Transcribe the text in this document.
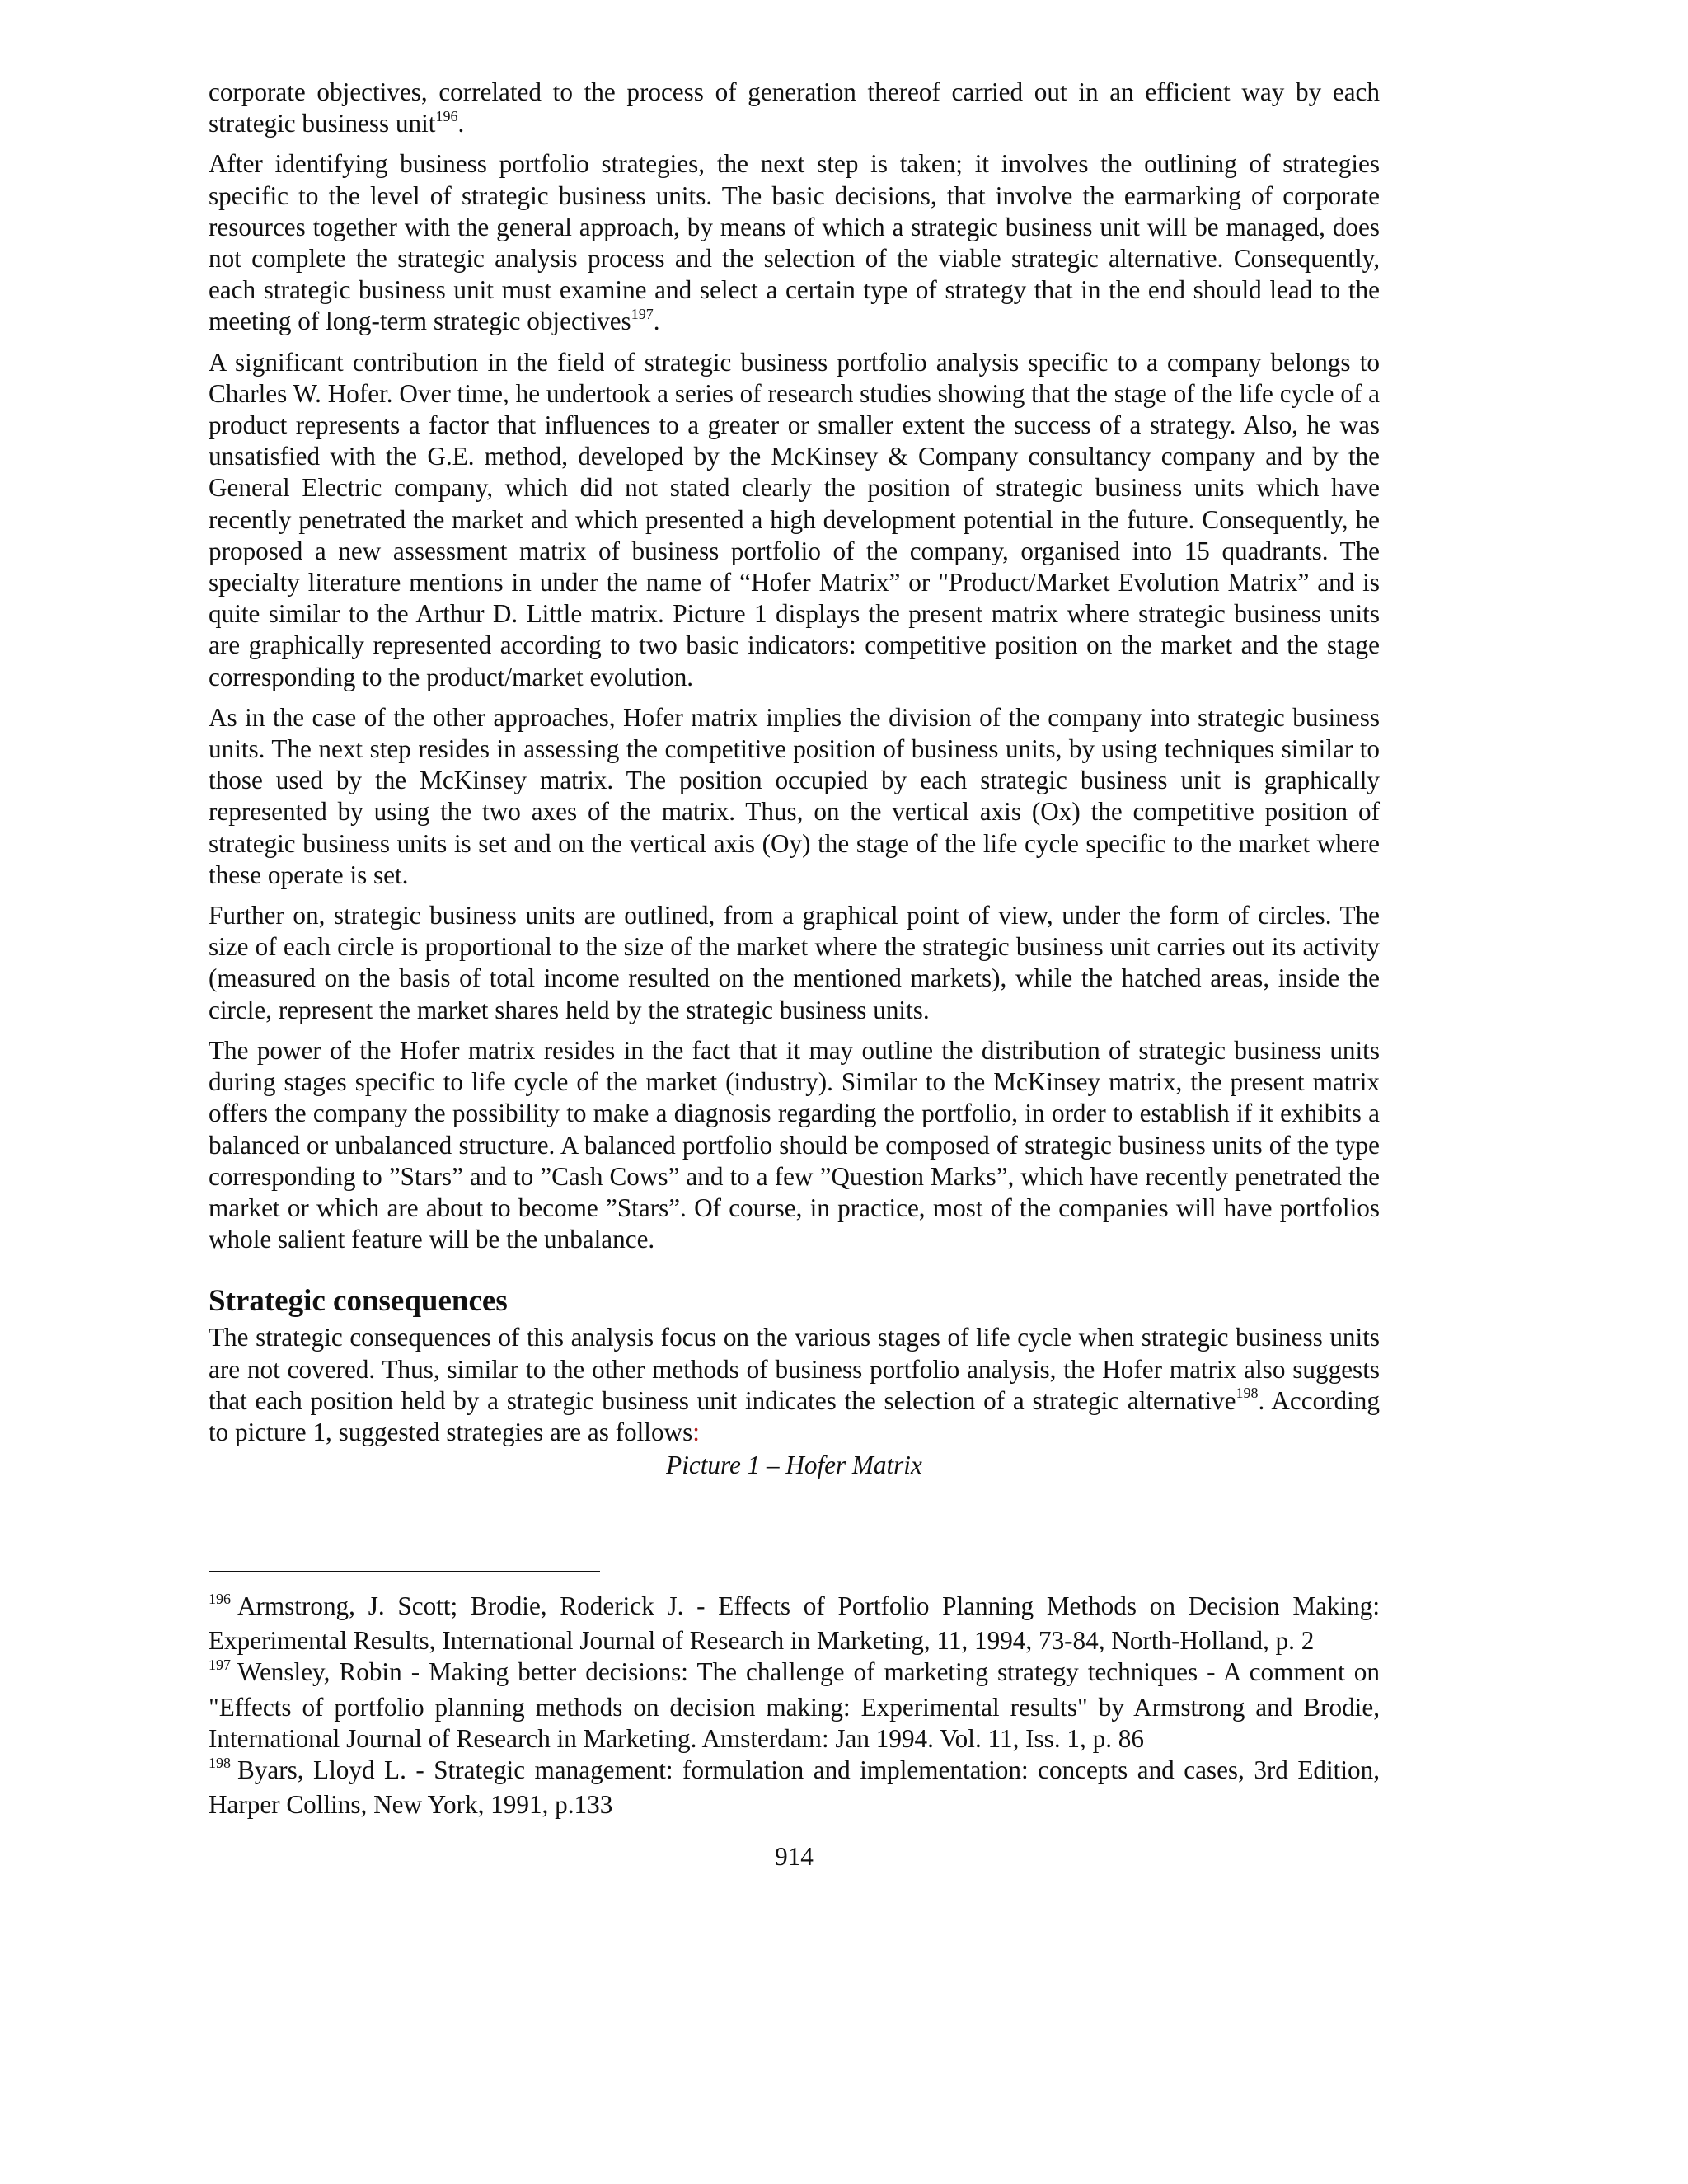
corporate objectives, correlated to the process of generation thereof carried out in an efficient way by each strategic business unit$^{196}$.

After identifying business portfolio strategies, the next step is taken; it involves the outlining of strategies specific to the level of strategic business units. The basic decisions, that involve the earmarking of corporate resources together with the general approach, by means of which a strategic business unit will be managed, does not complete the strategic analysis process and the selection of the viable strategic alternative. Consequently, each strategic business unit must examine and select a certain type of strategy that in the end should lead to the meeting of long-term strategic objectives$^{197}$.

A significant contribution in the field of strategic business portfolio analysis specific to a company belongs to Charles W. Hofer. Over time, he undertook a series of research studies showing that the stage of the life cycle of a product represents a factor that influences to a greater or smaller extent the success of a strategy. Also, he was unsatisfied with the G.E. method, developed by the McKinsey & Company consultancy company and by the General Electric company, which did not stated clearly the position of strategic business units which have recently penetrated the market and which presented a high development potential in the future. Consequently, he proposed a new assessment matrix of business portfolio of the company, organised into 15 quadrants. The specialty literature mentions in under the name of “Hofer Matrix” or "Product/Market Evolution Matrix” and is quite similar to the Arthur D. Little matrix. Picture 1 displays the present matrix where strategic business units are graphically represented according to two basic indicators: competitive position on the market and the stage corresponding to the product/market evolution.

As in the case of the other approaches, Hofer matrix implies the division of the company into strategic business units. The next step resides in assessing the competitive position of business units, by using techniques similar to those used by the McKinsey matrix. The position occupied by each strategic business unit is graphically represented by using the two axes of the matrix. Thus, on the vertical axis (Ox) the competitive position of strategic business units is set and on the vertical axis (Oy) the stage of the life cycle specific to the market where these operate is set.

Further on, strategic business units are outlined, from a graphical point of view, under the form of circles. The size of each circle is proportional to the size of the market where the strategic business unit carries out its activity (measured on the basis of total income resulted on the mentioned markets), while the hatched areas, inside the circle, represent the market shares held by the strategic business units.

The power of the Hofer matrix resides in the fact that it may outline the distribution of strategic business units during stages specific to life cycle of the market (industry). Similar to the McKinsey matrix, the present matrix offers the company the possibility to make a diagnosis regarding the portfolio, in order to establish if it exhibits a balanced or unbalanced structure. A balanced portfolio should be composed of strategic business units of the type corresponding to ”Stars” and to ”Cash Cows” and to a few ”Question Marks”, which have recently penetrated the market or which are about to become ”Stars”. Of course, in practice, most of the companies will have portfolios whole salient feature will be the unbalance.

Strategic consequences

The strategic consequences of this analysis focus on the various stages of life cycle when strategic business units are not covered. Thus, similar to the other methods of business portfolio analysis, the Hofer matrix also suggests that each position held by a strategic business unit indicates the selection of a strategic alternative$^{198}$. According to picture 1, suggested strategies are as follows:

Picture 1 – Hofer Matrix

$^{196}$ Armstrong, J. Scott; Brodie, Roderick J. - Effects of Portfolio Planning Methods on Decision Making: Experimental Results, International Journal of Research in Marketing, 11, 1994, 73-84, North-Holland, p. 2

$^{197}$ Wensley, Robin - Making better decisions: The challenge of marketing strategy techniques - A comment on "Effects of portfolio planning methods on decision making: Experimental results" by Armstrong and Brodie, International Journal of Research in Marketing. Amsterdam: Jan 1994. Vol. 11, Iss. 1, p. 86

$^{198}$ Byars, Lloyd L. - Strategic management: formulation and implementation: concepts and cases, 3rd Edition, Harper Collins, New York, 1991, p.133

914
